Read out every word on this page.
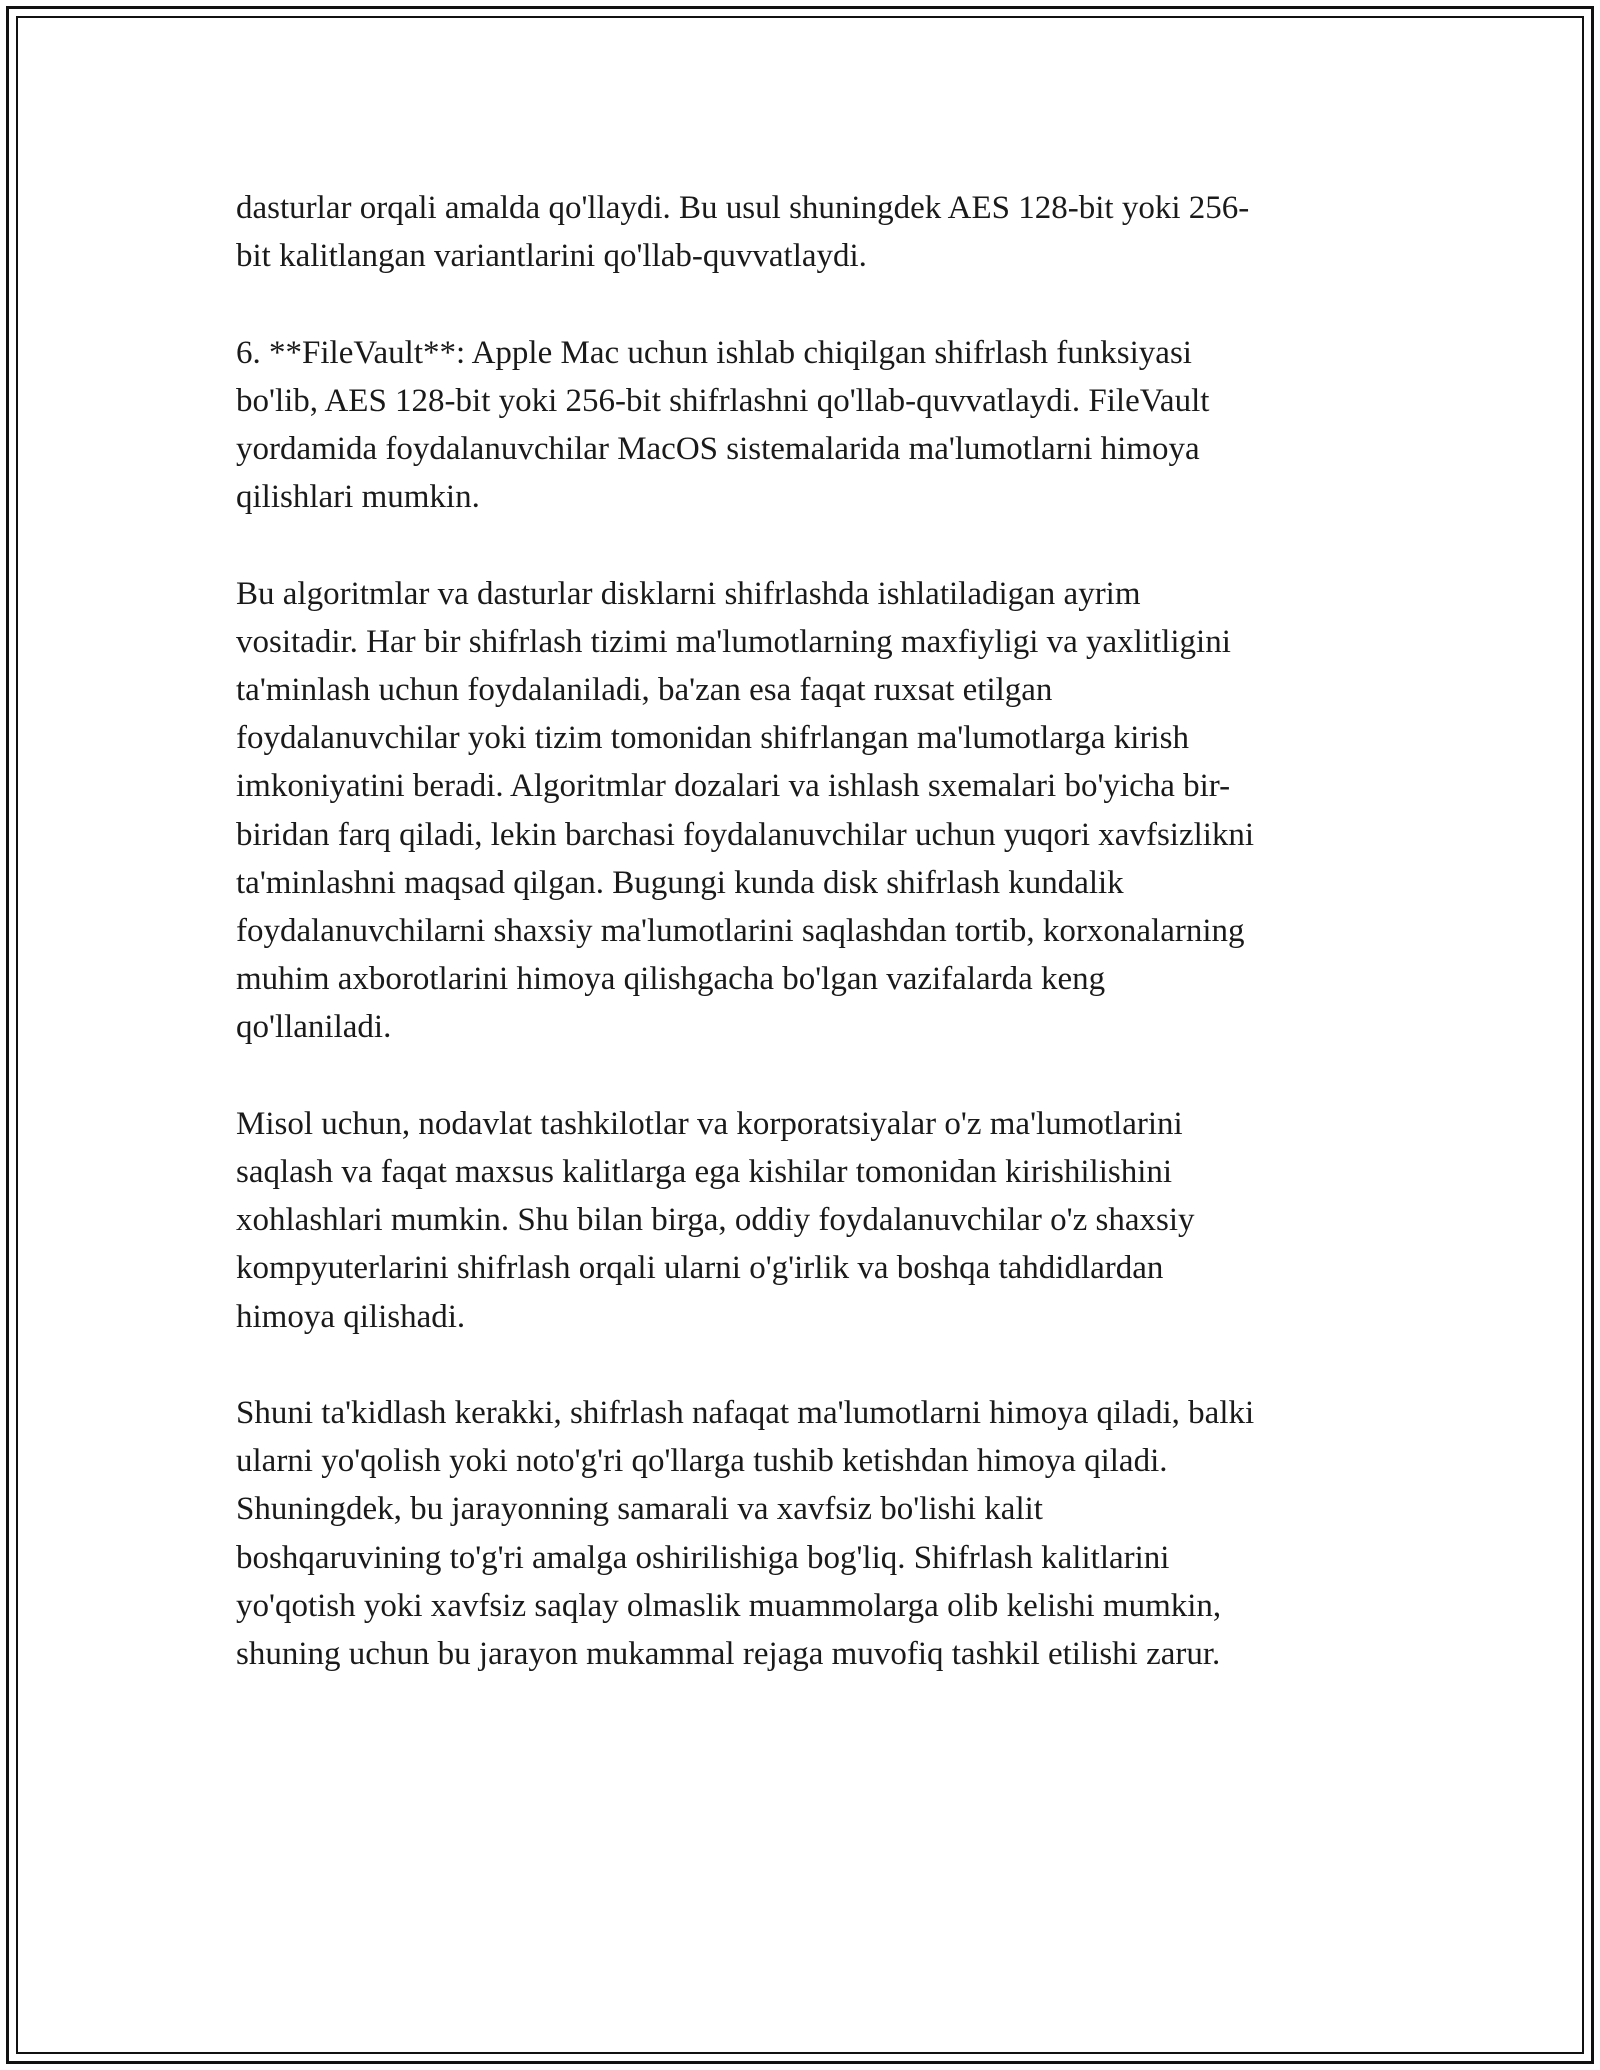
dasturlar orqali amalda qo'llaydi. Bu usul shuningdek AES 128-bit yoki 256-
bit kalitlangan variantlarini qo'llab-quvvatlaydi.

6. **FileVault**: Apple Mac uchun ishlab chiqilgan shifrlash funksiyasi
bo'lib, AES 128-bit yoki 256-bit shifrlashni qo'llab-quvvatlaydi. FileVault
yordamida foydalanuvchilar MacOS sistemalarida ma'lumotlarni himoya
qilishlari mumkin.

Bu algoritmlar va dasturlar disklarni shifrlashda ishlatiladigan ayrim
vositadir. Har bir shifrlash tizimi ma'lumotlarning maxfiyligi va yaxlitligini
ta'minlash uchun foydalaniladi, ba'zan esa faqat ruxsat etilgan
foydalanuvchilar yoki tizim tomonidan shifrlangan ma'lumotlarga kirish
imkoniyatini beradi. Algoritmlar dozalari va ishlash sxemalari bo'yicha bir-
biridan farq qiladi, lekin barchasi foydalanuvchilar uchun yuqori xavfsizlikni
ta'minlashni maqsad qilgan. Bugungi kunda disk shifrlash kundalik
foydalanuvchilarni shaxsiy ma'lumotlarini saqlashdan tortib, korxonalarning
muhim axborotlarini himoya qilishgacha bo'lgan vazifalarda keng
qo'llaniladi.

Misol uchun, nodavlat tashkilotlar va korporatsiyalar o'z ma'lumotlarini
saqlash va faqat maxsus kalitlarga ega kishilar tomonidan kirishilishini
xohlashlari mumkin. Shu bilan birga, oddiy foydalanuvchilar o'z shaxsiy
kompyuterlarini shifrlash orqali ularni o'g'irlik va boshqa tahdidlardan
himoya qilishadi.

Shuni ta'kidlash kerakki, shifrlash nafaqat ma'lumotlarni himoya qiladi, balki
ularni yo'qolish yoki noto'g'ri qo'llarga tushib ketishdan himoya qiladi.
Shuningdek, bu jarayonning samarali va xavfsiz bo'lishi kalit
boshqaruvining to'g'ri amalga oshirilishiga bog'liq. Shifrlash kalitlarini
yo'qotish yoki xavfsiz saqlay olmaslik muammolarga olib kelishi mumkin,
shuning uchun bu jarayon mukammal rejaga muvofiq tashkil etilishi zarur.
